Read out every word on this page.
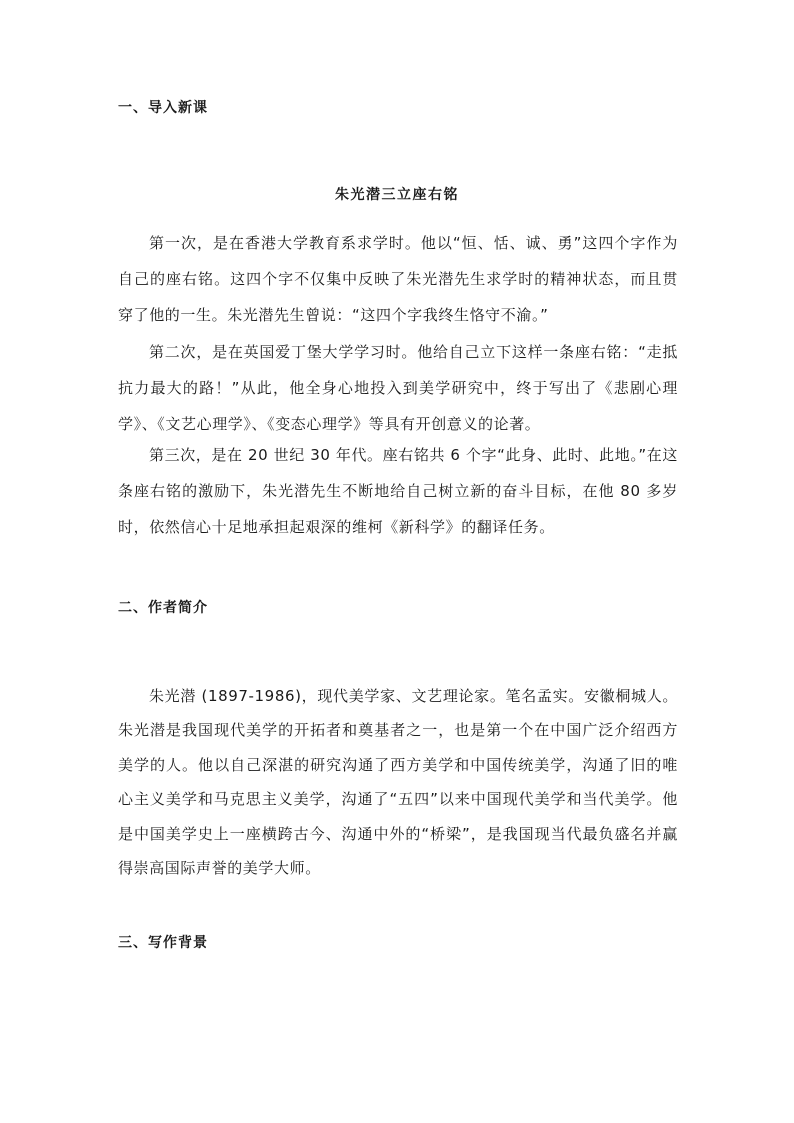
一、导入新课
朱光潜三立座右铭

第一次，是在香港大学教育系求学时。他以“恒、恬、诚、勇”这四个字作为自己的座右铭。这四个字不仅集中反映了朱光潜先生求学时的精神状态，而且贯穿了他的一生。朱光潜先生曾说：“这四个字我终生恪守不渝。”

第二次，是在英国爱丁堡大学学习时。他给自己立下这样一条座右铭：“走抵抗力最大的路！”从此，他全身心地投入到美学研究中，终于写出了《悲剧心理学》、《文艺心理学》、《变态心理学》等具有开创意义的论著。

第三次，是在 20 世纪 30 年代。座右铭共 6 个字“此身、此时、此地。”在这条座右铭的激励下，朱光潜先生不断地给自己树立新的奋斗目标，在他 80 多岁时，依然信心十足地承担起艰深的维柯《新科学》的翻译任务。

二、作者简介

朱光潜 (1897-1986)，现代美学家、文艺理论家。笔名孟实。安徽桐城人。朱光潜是我国现代美学的开拓者和奠基者之一，也是第一个在中国广泛介绍西方美学的人。他以自己深湛的研究沟通了西方美学和中国传统美学，沟通了旧的唯心主义美学和马克思主义美学，沟通了“五四”以来中国现代美学和当代美学。他是中国美学史上一座横跨古今、沟通中外的“桥梁”，是我国现当代最负盛名并赢得崇高国际声誉的美学大师。

三、写作背景
